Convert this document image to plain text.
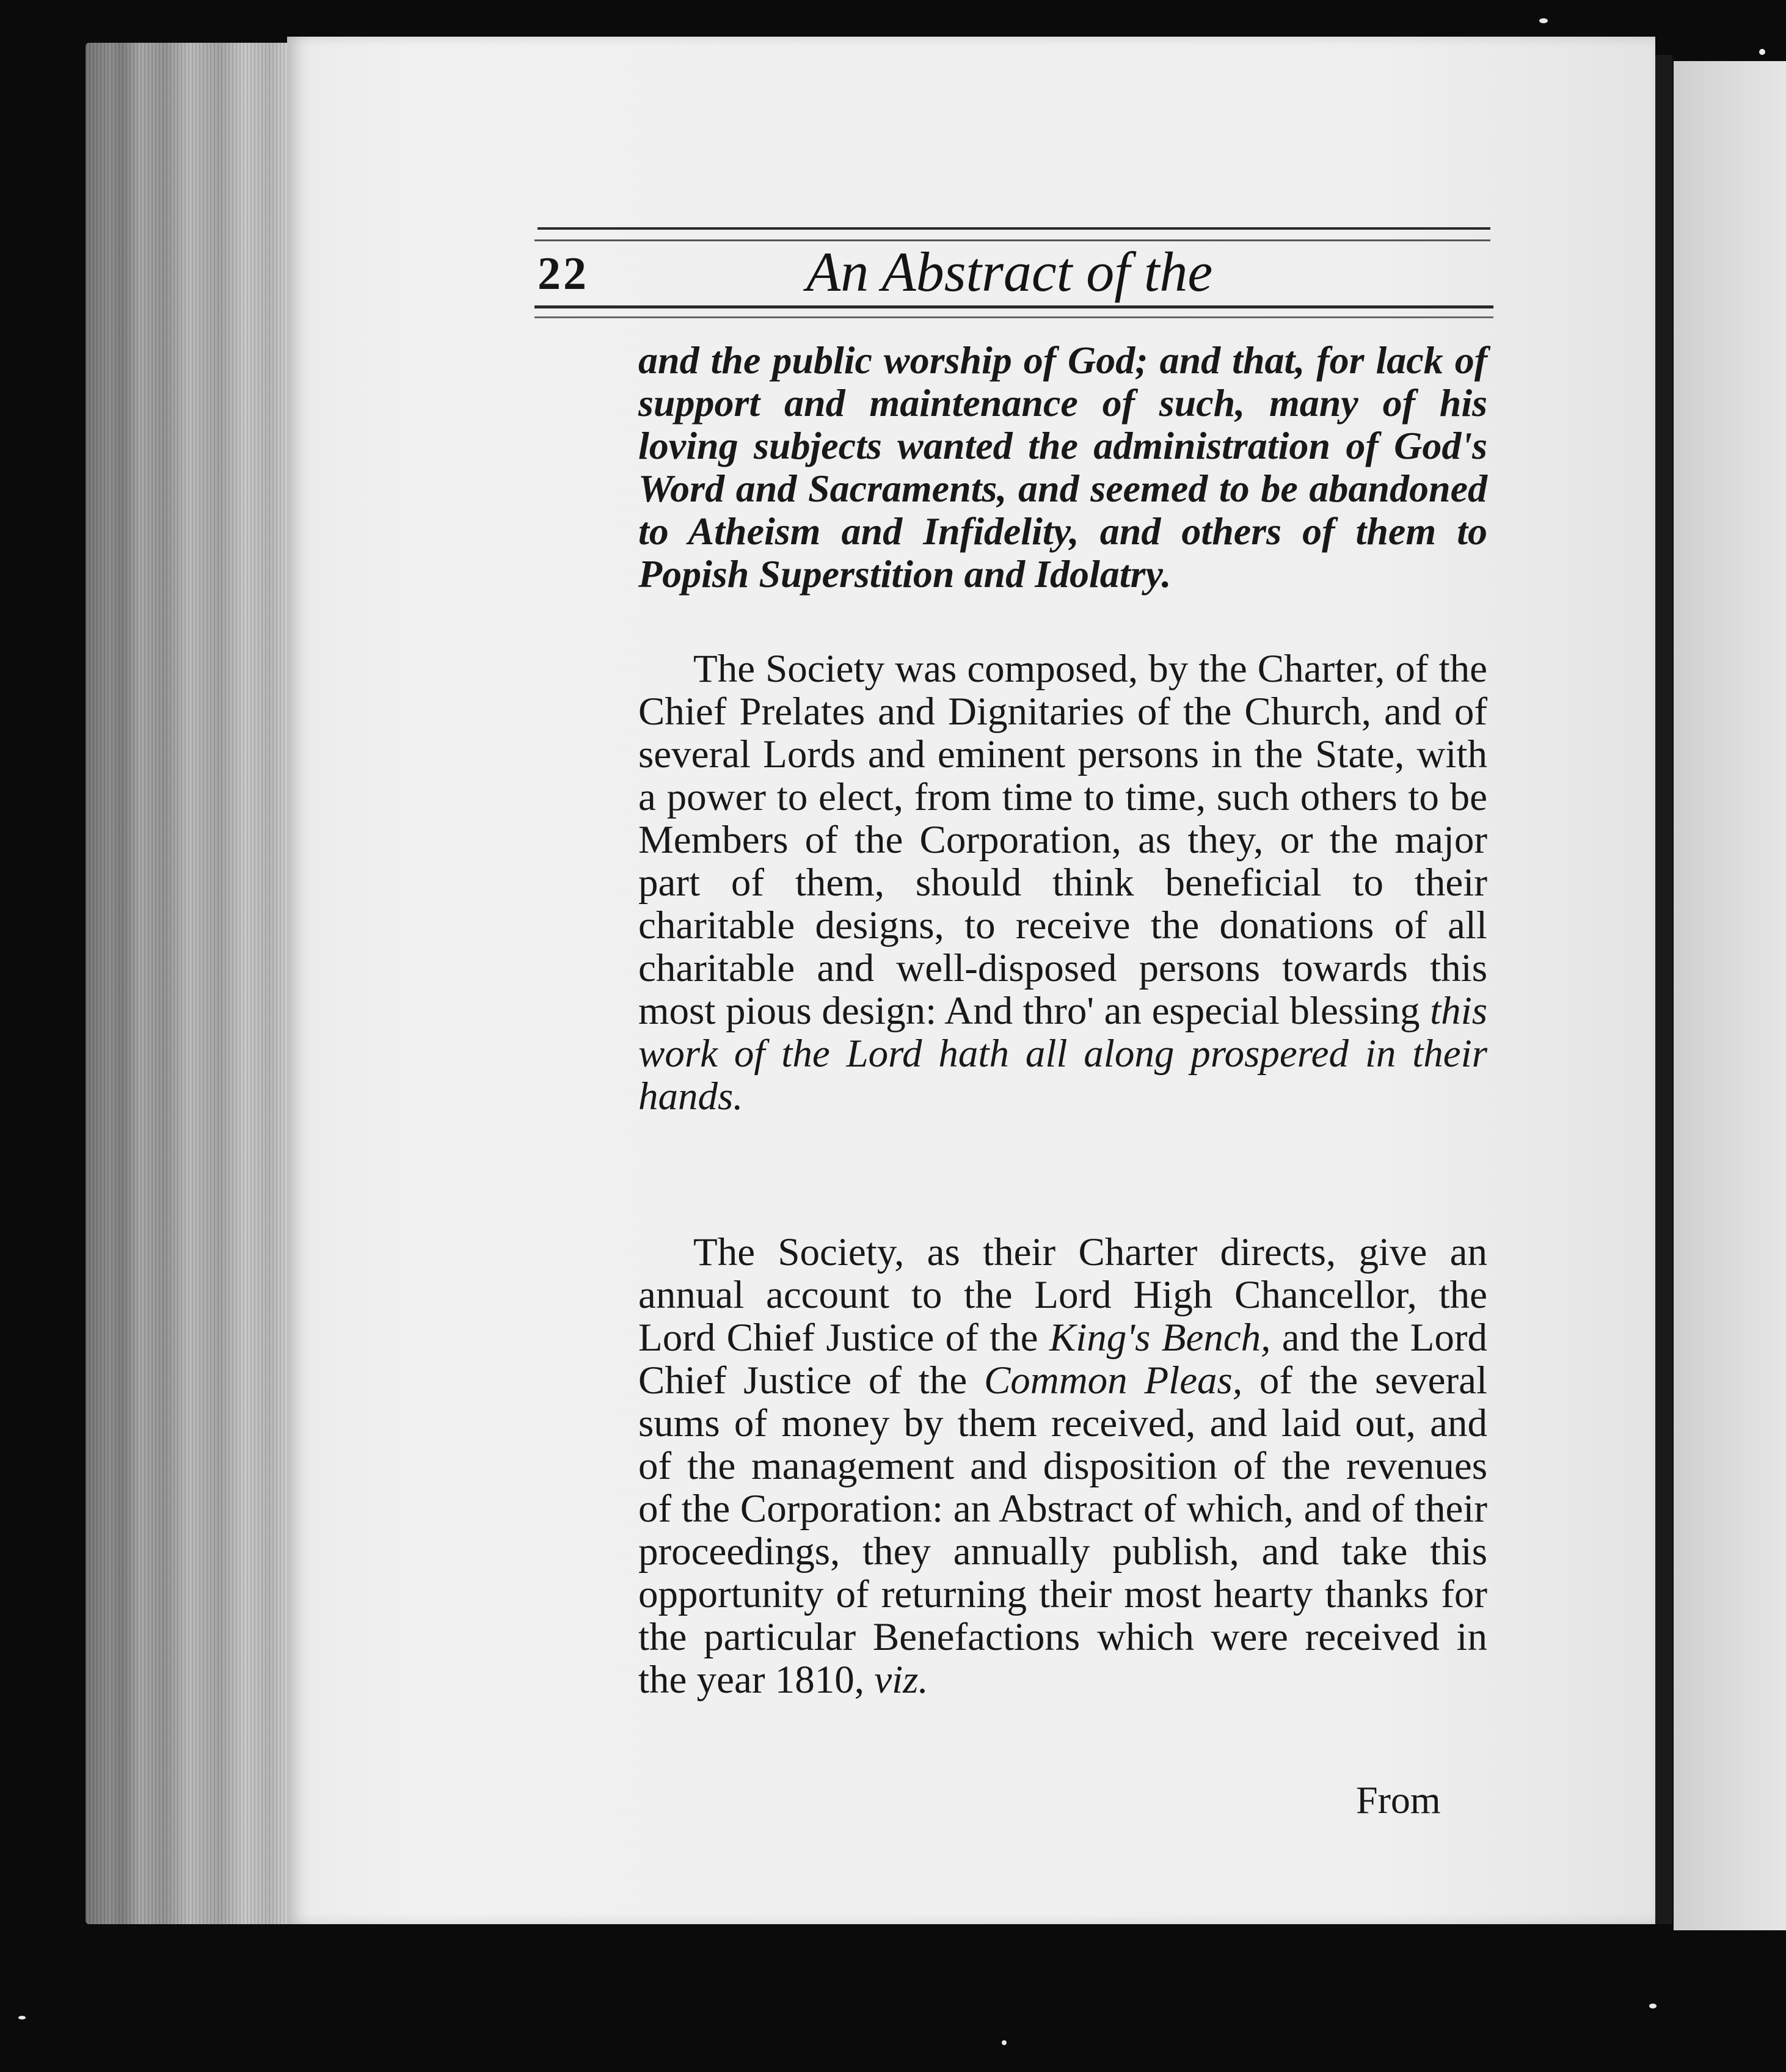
22	An Abstract of the
and the public worship of God; and that, for lack of support and maintenance of such, many of his loving subjects wanted the administration of God's Word and Sacraments, and seemed to be abandoned to Atheism and Infidelity, and others of them to Popish Superstition and Idolatry.
The Society was composed, by the Charter, of the Chief Prelates and Dignitaries of the Church, and of several Lords and eminent persons in the State, with a power to elect, from time to time, such others to be Members of the Corporation, as they, or the major part of them, should think beneficial to their charitable designs, to receive the donations of all charitable and well-disposed persons towards this most pious design: And thro' an especial blessing this work of the Lord hath all along prospered in their hands.
The Society, as their Charter directs, give an annual account to the Lord High Chancellor, the Lord Chief Justice of the King's Bench, and the Lord Chief Justice of the Common Pleas, of the several sums of money by them received, and laid out, and of the management and disposition of the revenues of the Corporation: an Abstract of which, and of their proceedings, they annually publish, and take this opportunity of returning their most hearty thanks for the particular Benefactions which were received in the year 1810, viz.
From
